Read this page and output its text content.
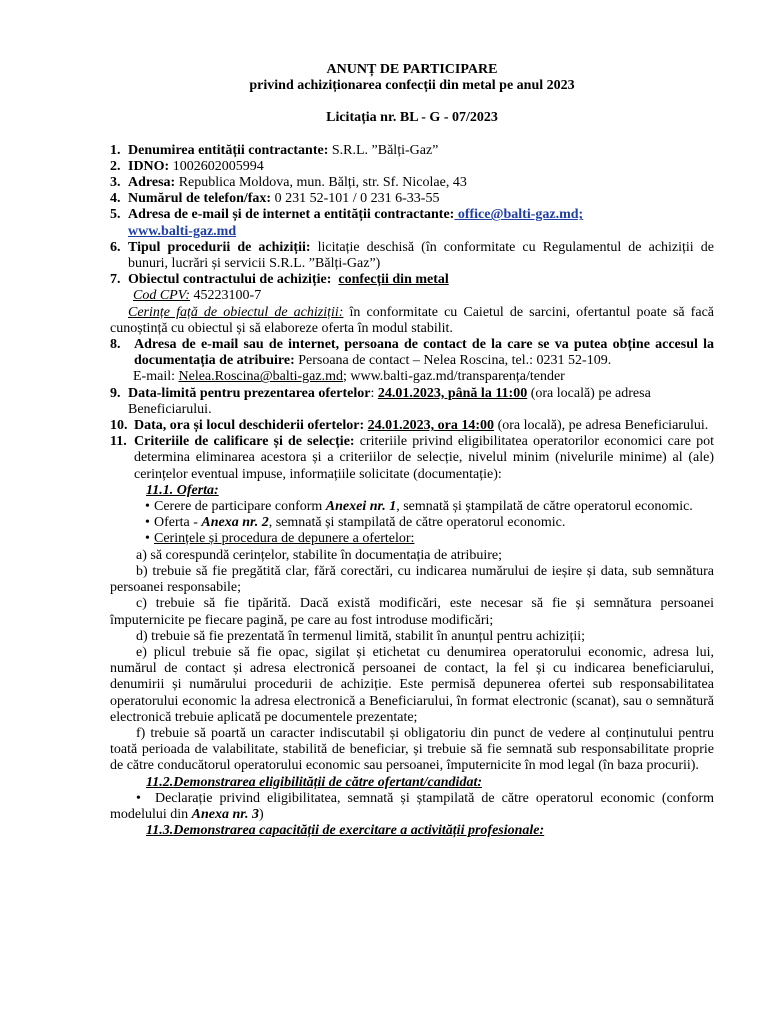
ANUNȚ DE PARTICIPARE
privind achiziționarea confecții din metal pe anul 2023
Licitația nr. BL - G - 07/2023
1. Denumirea entității contractante: S.R.L. ”Bălți-Gaz”
2. IDNO: 1002602005994
3. Adresa: Republica Moldova, mun. Bălți, str. Sf. Nicolae, 43
4. Numărul de telefon/fax: 0 231 52-101 / 0 231 6-33-55
5. Adresa de e-mail și de internet a entității contractante: office@balti-gaz.md;
www.balti-gaz.md
6. Tipul procedurii de achiziții: licitație deschisă (în conformitate cu Regulamentul de achiziții de bunuri, lucrări și servicii S.R.L. ”Bălți-Gaz”)
7. Obiectul contractului de achiziție: confecții din metal
Cod CPV: 45223100-7
Cerințe față de obiectul de achiziții: în conformitate cu Caietul de sarcini, ofertantul poate să facă cunoștință cu obiectul și să elaboreze oferta în modul stabilit.
8. Adresa de e-mail sau de internet, persoana de contact de la care se va putea obține accesul la documentația de atribuire: Persoana de contact – Nelea Roscina, tel.: 0231 52-109.
E-mail: Nelea.Roscina@balti-gaz.md; www.balti-gaz.md/transparența/tender
9. Data-limită pentru prezentarea ofertelor: 24.01.2023, până la 11:00 (ora locală) pe adresa Beneficiarului.
10. Data, ora și locul deschiderii ofertelor: 24.01.2023, ora 14:00 (ora locală), pe adresa Beneficiarului.
11. Criteriile de calificare și de selecție: criteriile privind eligibilitatea operatorilor economici care pot determina eliminarea acestora și a criteriilor de selecție, nivelul minim (nivelurile minime) al (ale) cerințelor eventual impuse, informațiile solicitate (documentație):
11.1. Oferta:
• Cerere de participare conform Anexei nr. 1, semnată și ștampilată de către operatorul economic.
• Oferta - Anexa nr. 2, semnată și stampilată de către operatorul economic.
• Cerințele și procedura de depunere a ofertelor:
a) să corespundă cerințelor, stabilite în documentația de atribuire;
b) trebuie să fie pregătită clar, fără corectări, cu indicarea numărului de ieșire și data, sub semnătura persoanei responsabile;
c) trebuie să fie tipărită. Dacă există modificări, este necesar să fie și semnătura persoanei împuternicite pe fiecare pagină, pe care au fost introduse modificări;
d) trebuie să fie prezentată în termenul limită, stabilit în anunțul pentru achiziții;
e) plicul trebuie să fie opac, sigilat și etichetat cu denumirea operatorului economic, adresa lui, numărul de contact și adresa electronică persoanei de contact, la fel și cu indicarea beneficiarului, denumirii și numărului procedurii de achiziție. Este permisă depunerea ofertei sub responsabilitatea operatorului economic la adresa electronică a Beneficiarului, în format electronic (scanat), sau o semnătură electronică trebuie aplicată pe documentele prezentate;
f) trebuie să poartă un caracter indiscutabil și obligatoriu din punct de vedere al conținutului pentru toată perioada de valabilitate, stabilită de beneficiar, și trebuie să fie semnată sub responsabilitate proprie de către conducătorul operatorului economic sau persoanei, împuternicite în mod legal (în baza procurii).
11.2.Demonstrarea eligibilității de către ofertant/candidat:
•  Declarație privind eligibilitatea, semnată și ștampilată de către operatorul economic (conform modelului din Anexa nr. 3)
11.3.Demonstrarea capacității de exercitare a activității profesionale:
